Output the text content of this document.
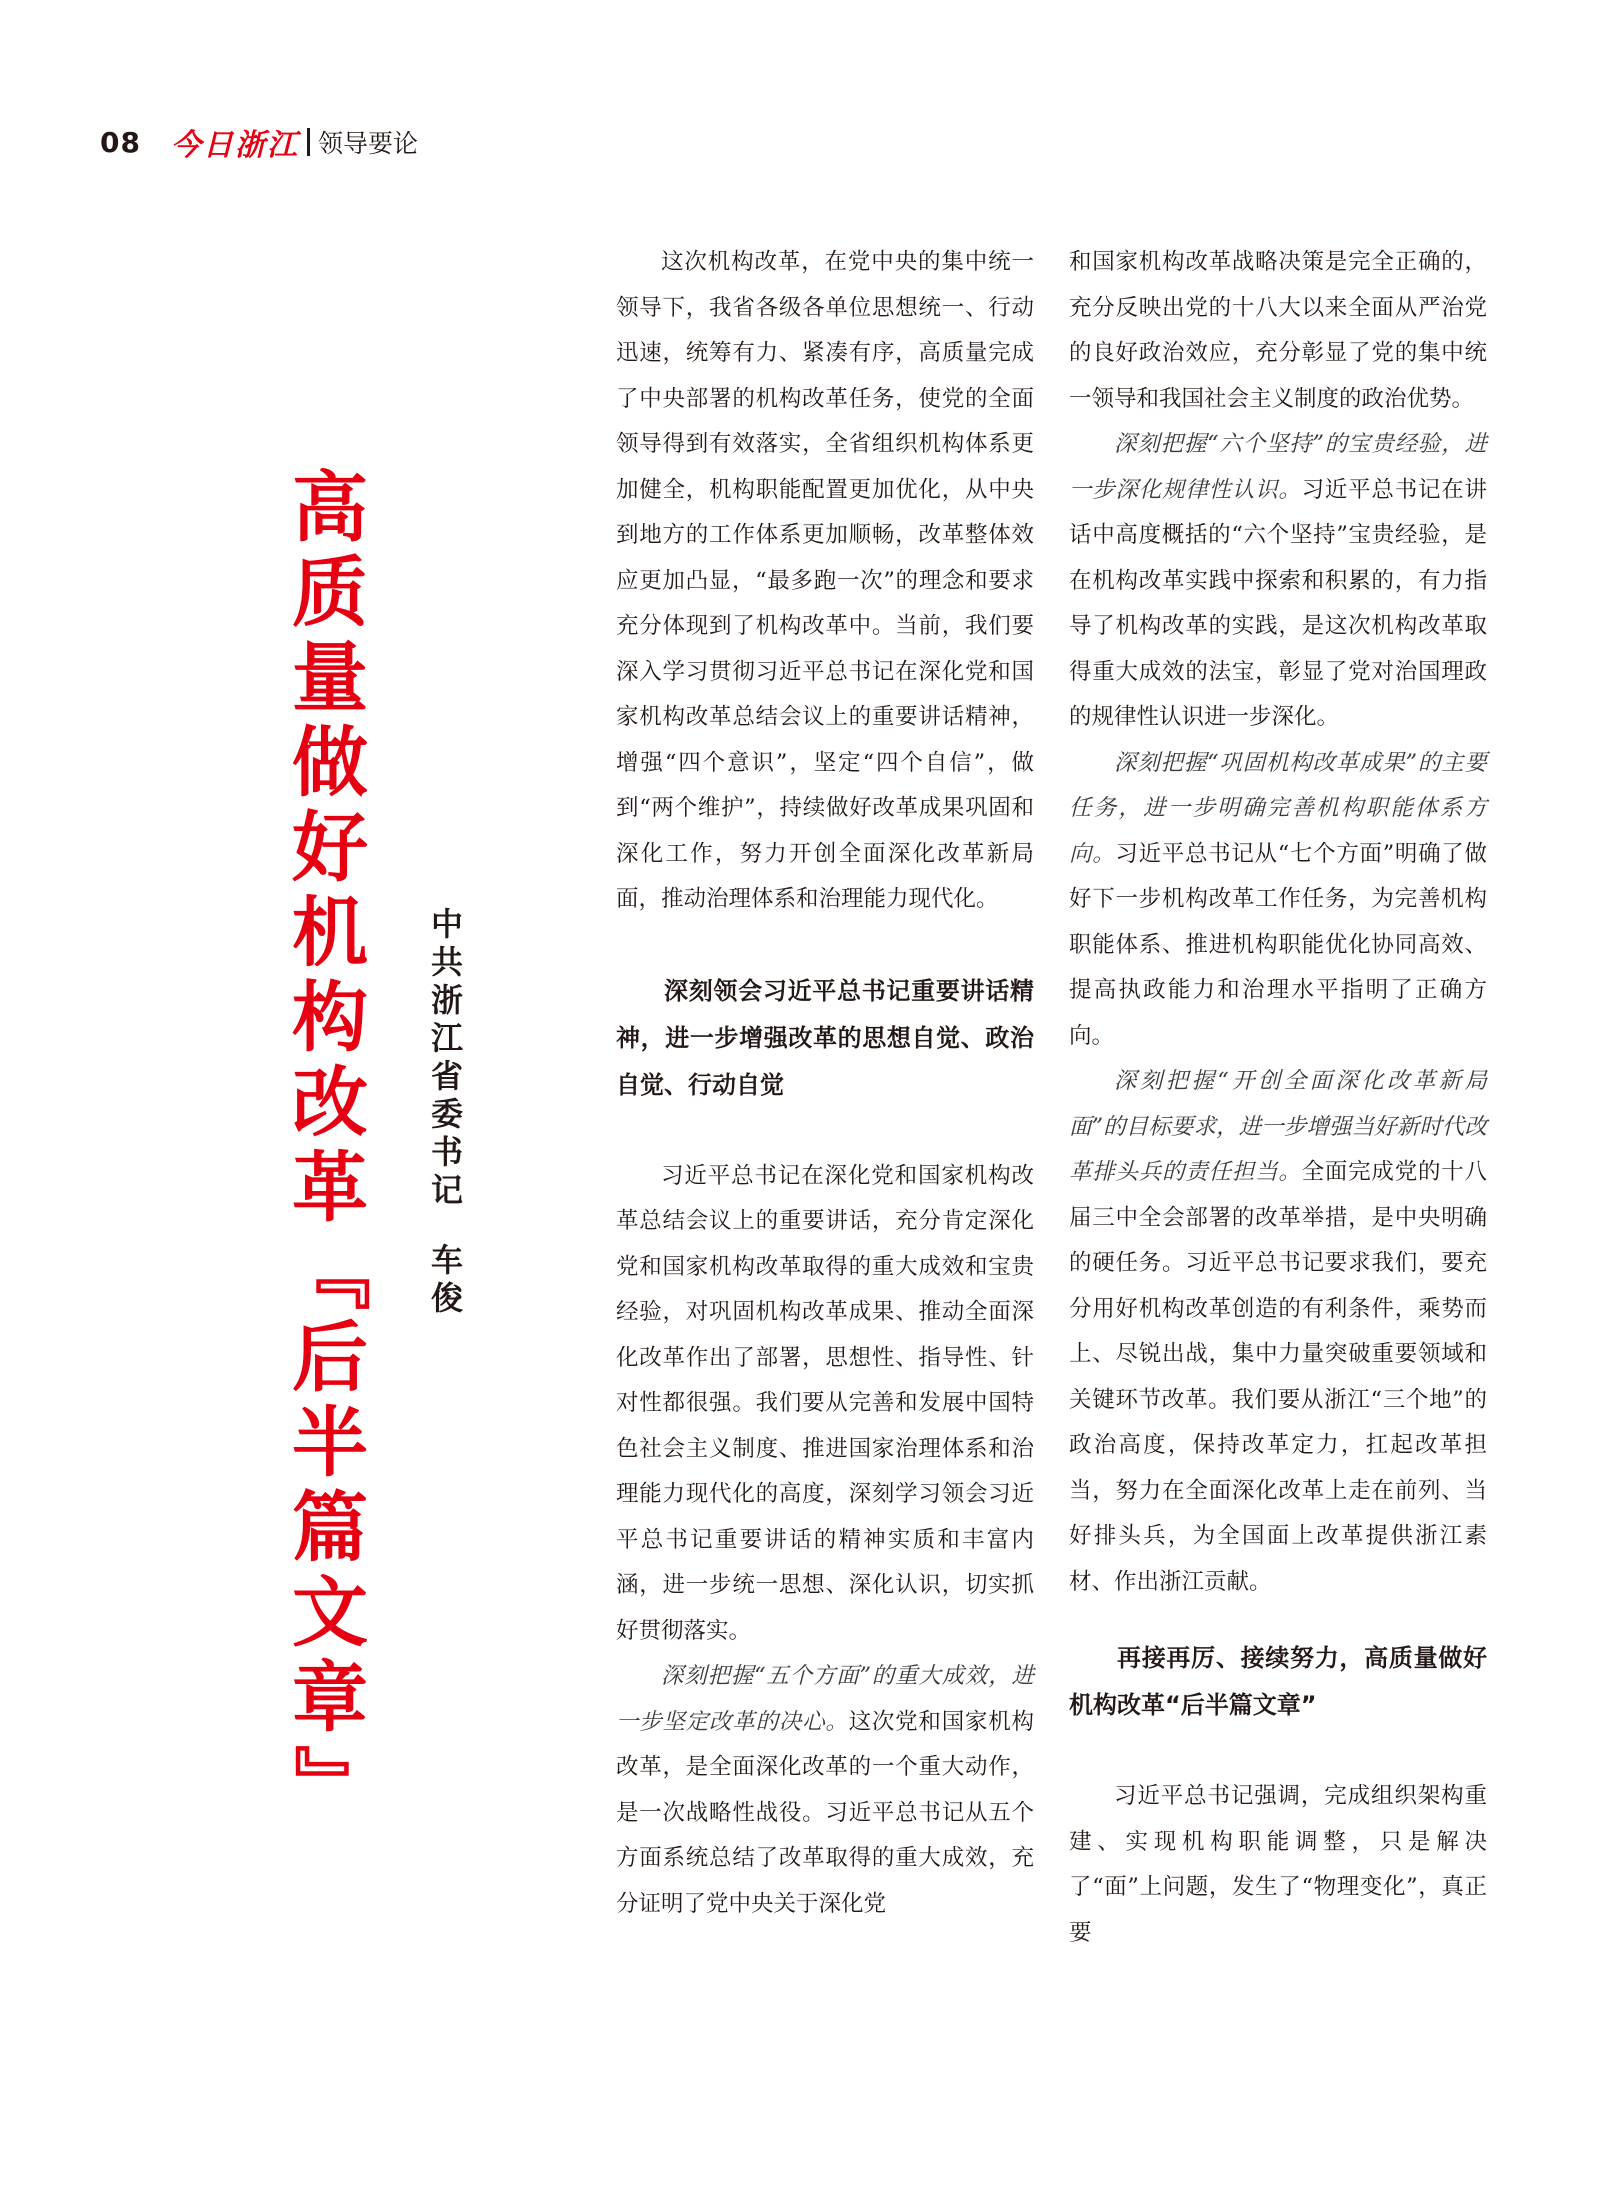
08 今日浙江 领导要论
高
质
量
做
好
机
构
改
革
『
后
半
篇
文
章
』
中
共
浙
江
省
委
书
记
车
俊

这次机构改革，在党中央的集中统一领导下，我省各级各单位思想统一、行动迅速，统筹有力、紧凑有序，高质量完成了中央部署的机构改革任务，使党的全面领导得到有效落实，全省组织机构体系更加健全，机构职能配置更加优化，从中央到地方的工作体系更加顺畅，改革整体效应更加凸显，“最多跑一次”的理念和要求充分体现到了机构改革中。当前，我们要深入学习贯彻习近平总书记在深化党和国家机构改革总结会议上的重要讲话精神，增强“四个意识”，坚定“四个自信”，做到“两个维护”，持续做好改革成果巩固和深化工作，努力开创全面深化改革新局面，推动治理体系和治理能力现代化。

深刻领会习近平总书记重要讲话精神，进一步增强改革的思想自觉、政治自觉、行动自觉

习近平总书记在深化党和国家机构改革总结会议上的重要讲话，充分肯定深化党和国家机构改革取得的重大成效和宝贵经验，对巩固机构改革成果、推动全面深化改革作出了部署，思想性、指导性、针对性都很强。我们要从完善和发展中国特色社会主义制度、推进国家治理体系和治理能力现代化的高度，深刻学习领会习近平总书记重要讲话的精神实质和丰富内涵，进一步统一思想、深化认识，切实抓好贯彻落实。

深刻把握“五个方面”的重大成效，进一步坚定改革的决心。这次党和国家机构改革，是全面深化改革的一个重大动作，是一次战略性战役。习近平总书记从五个方面系统总结了改革取得的重大成效，充分证明了党中央关于深化党

和国家机构改革战略决策是完全正确的，充分反映出党的十八大以来全面从严治党的良好政治效应，充分彰显了党的集中统一领导和我国社会主义制度的政治优势。

深刻把握“六个坚持”的宝贵经验，进一步深化规律性认识。习近平总书记在讲话中高度概括的“六个坚持”宝贵经验，是在机构改革实践中探索和积累的，有力指导了机构改革的实践，是这次机构改革取得重大成效的法宝，彰显了党对治国理政的规律性认识进一步深化。

深刻把握“巩固机构改革成果”的主要任务，进一步明确完善机构职能体系方向。习近平总书记从“七个方面”明确了做好下一步机构改革工作任务，为完善机构职能体系、推进机构职能优化协同高效、提高执政能力和治理水平指明了正确方向。

深刻把握“开创全面深化改革新局面”的目标要求，进一步增强当好新时代改革排头兵的责任担当。全面完成党的十八届三中全会部署的改革举措，是中央明确的硬任务。习近平总书记要求我们，要充分用好机构改革创造的有利条件，乘势而上、尽锐出战，集中力量突破重要领域和关键环节改革。我们要从浙江“三个地”的政治高度，保持改革定力，扛起改革担当，努力在全面深化改革上走在前列、当好排头兵，为全国面上改革提供浙江素材、作出浙江贡献。

再接再厉、接续努力，高质量做好机构改革“后半篇文章”

习近平总书记强调，完成组织架构重建、实现机构职能调整，只是解决了“面”上问题，发生了“物理变化”，真正要
